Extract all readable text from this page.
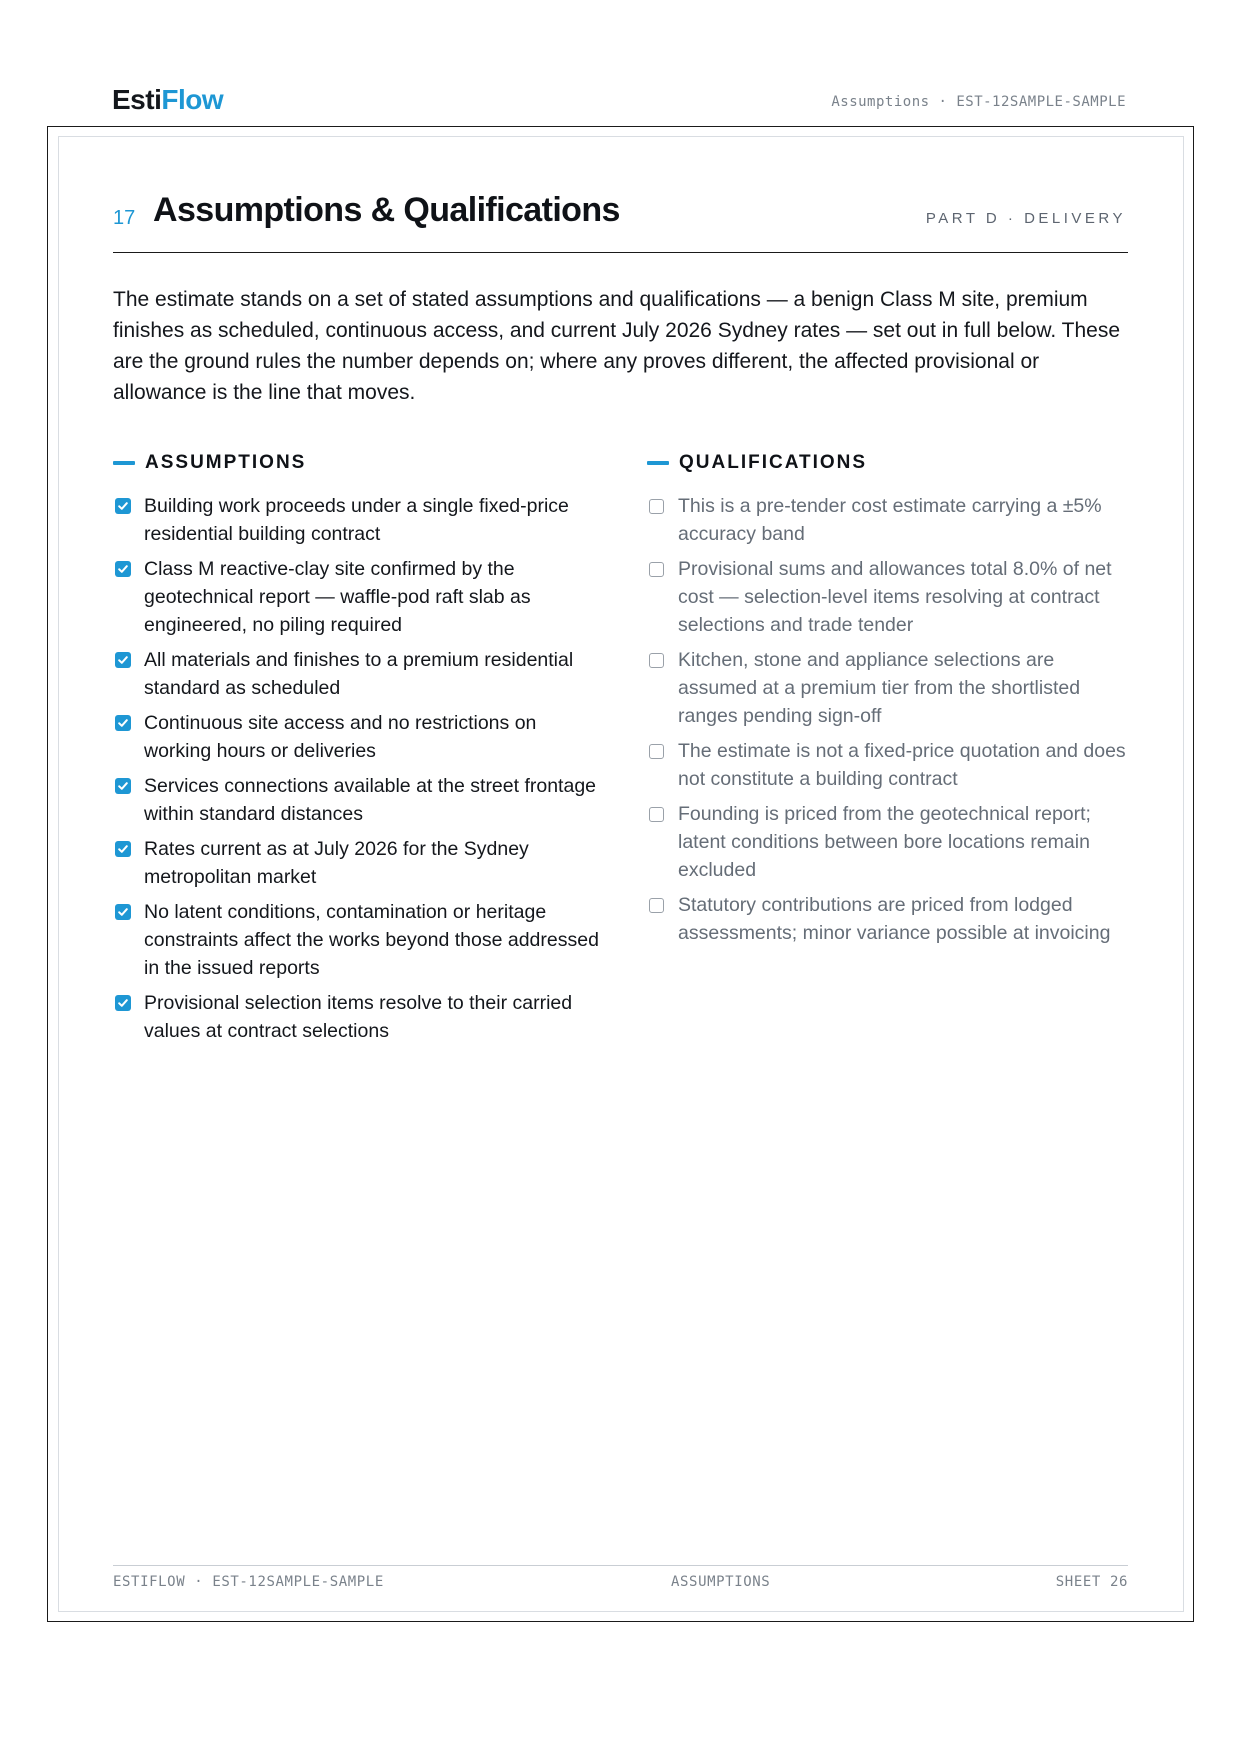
EstiFlow	Assumptions · EST-12SAMPLE-SAMPLE
17 Assumptions & Qualifications	PART D · DELIVERY
The estimate stands on a set of stated assumptions and qualifications — a benign Class M site, premium finishes as scheduled, continuous access, and current July 2026 Sydney rates — set out in full below. These are the ground rules the number depends on; where any proves different, the affected provisional or allowance is the line that moves.
ASSUMPTIONS
Building work proceeds under a single fixed-price residential building contract
Class M reactive-clay site confirmed by the geotechnical report — waffle-pod raft slab as engineered, no piling required
All materials and finishes to a premium residential standard as scheduled
Continuous site access and no restrictions on working hours or deliveries
Services connections available at the street frontage within standard distances
Rates current as at July 2026 for the Sydney metropolitan market
No latent conditions, contamination or heritage constraints affect the works beyond those addressed in the issued reports
Provisional selection items resolve to their carried values at contract selections
QUALIFICATIONS
This is a pre-tender cost estimate carrying a ±5% accuracy band
Provisional sums and allowances total 8.0% of net cost — selection-level items resolving at contract selections and trade tender
Kitchen, stone and appliance selections are assumed at a premium tier from the shortlisted ranges pending sign-off
The estimate is not a fixed-price quotation and does not constitute a building contract
Founding is priced from the geotechnical report; latent conditions between bore locations remain excluded
Statutory contributions are priced from lodged assessments; minor variance possible at invoicing
ESTIFLOW · EST-12SAMPLE-SAMPLE	ASSUMPTIONS	SHEET 26
